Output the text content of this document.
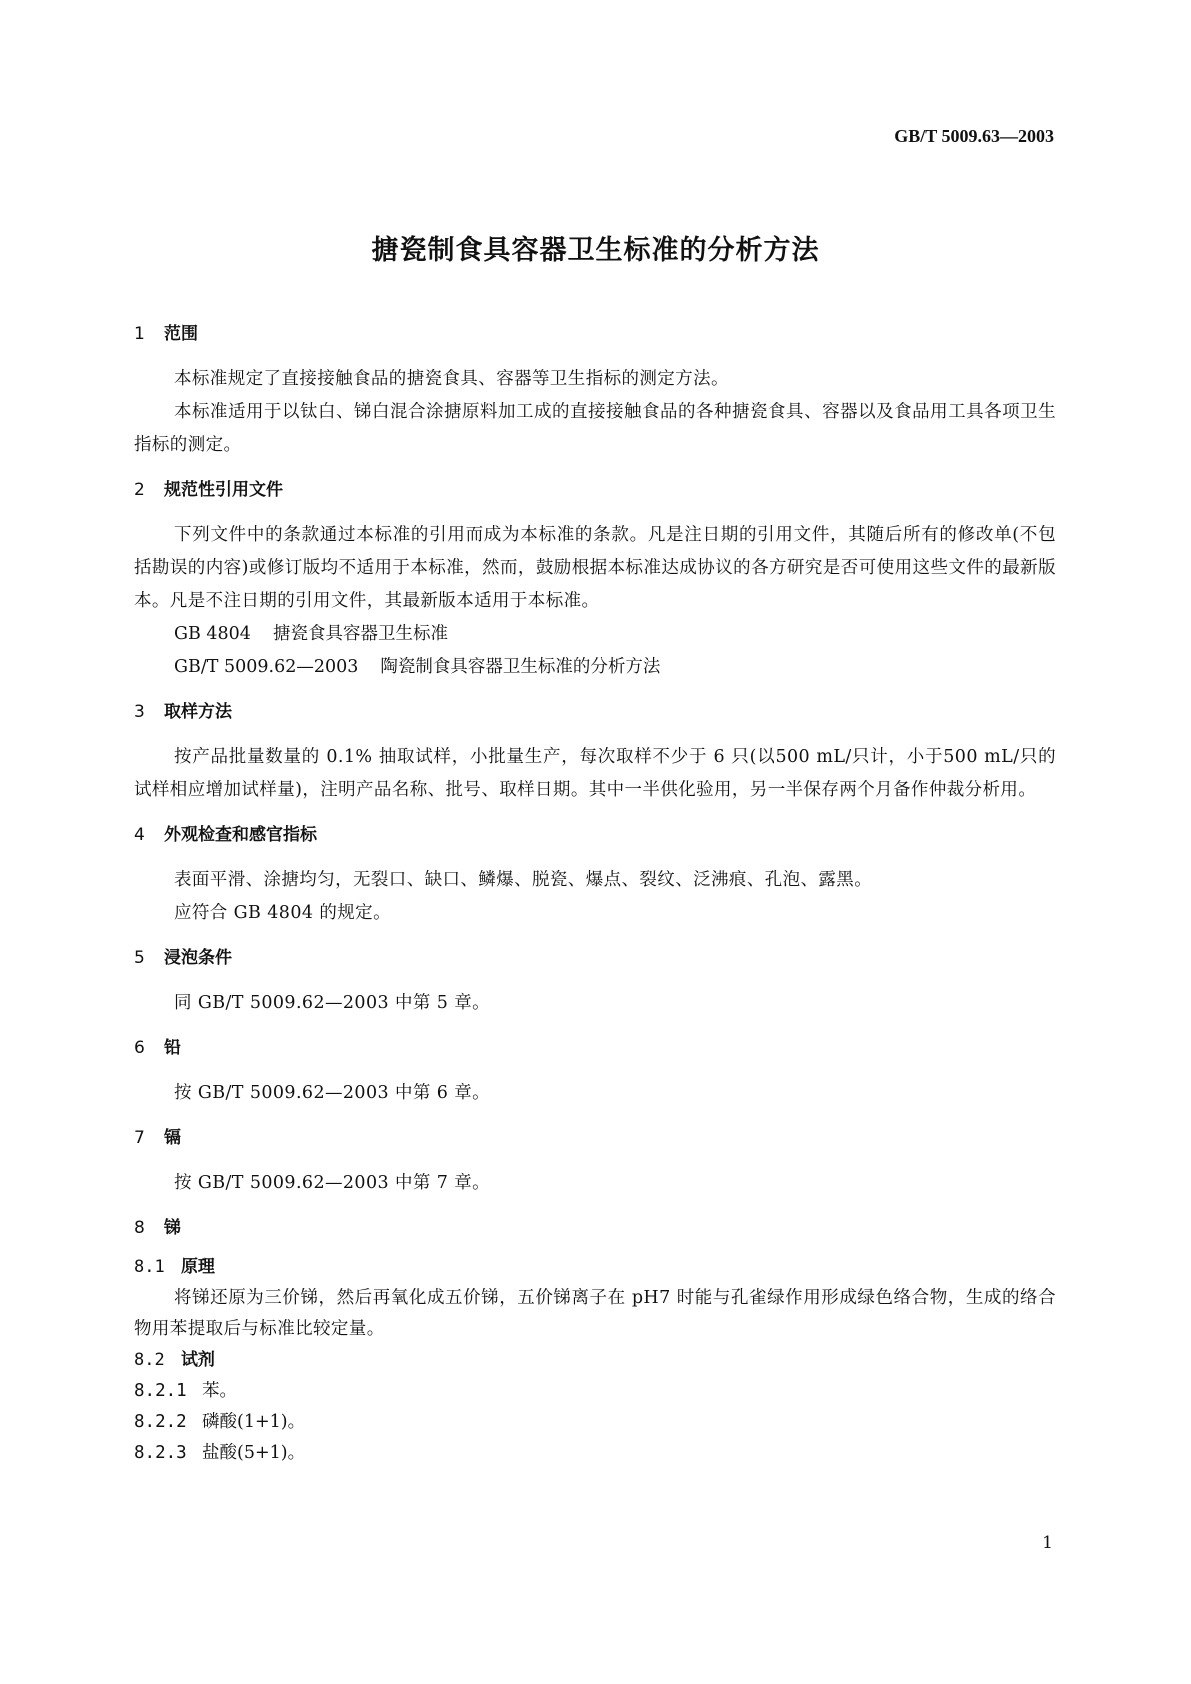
GB/T 5009.63—2003
搪瓷制食具容器卫生标准的分析方法
1 范围

本标准规定了直接接触食品的搪瓷食具、容器等卫生指标的测定方法。

本标准适用于以钛白、锑白混合涂搪原料加工成的直接接触食品的各种搪瓷食具、容器以及食品用工具各项卫生指标的测定。

2 规范性引用文件

下列文件中的条款通过本标准的引用而成为本标准的条款。凡是注日期的引用文件，其随后所有的修改单(不包括勘误的内容)或修订版均不适用于本标准，然而，鼓励根据本标准达成协议的各方研究是否可使用这些文件的最新版本。凡是不注日期的引用文件，其最新版本适用于本标准。

GB 4804 搪瓷食具容器卫生标准

GB/T 5009.62—2003 陶瓷制食具容器卫生标准的分析方法

3 取样方法

按产品批量数量的 0.1% 抽取试样，小批量生产，每次取样不少于 6 只(以500 mL/只计，小于500 mL/只的试样相应增加试样量)，注明产品名称、批号、取样日期。其中一半供化验用，另一半保存两个月备作仲裁分析用。

4 外观检查和感官指标

表面平滑、涂搪均匀，无裂口、缺口、鳞爆、脱瓷、爆点、裂纹、泛沸痕、孔泡、露黑。

应符合 GB 4804 的规定。

5 浸泡条件

同 GB/T 5009.62—2003 中第 5 章。

6 铅

按 GB/T 5009.62—2003 中第 6 章。

7 镉

按 GB/T 5009.62—2003 中第 7 章。

8 锑
8.1 原理

将锑还原为三价锑，然后再氧化成五价锑，五价锑离子在 pH7 时能与孔雀绿作用形成绿色络合物，生成的络合物用苯提取后与标准比较定量。

8.2 试剂

8.2.1 苯。

8.2.2 磷酸(1+1)。

8.2.3 盐酸(5+1)。

1
